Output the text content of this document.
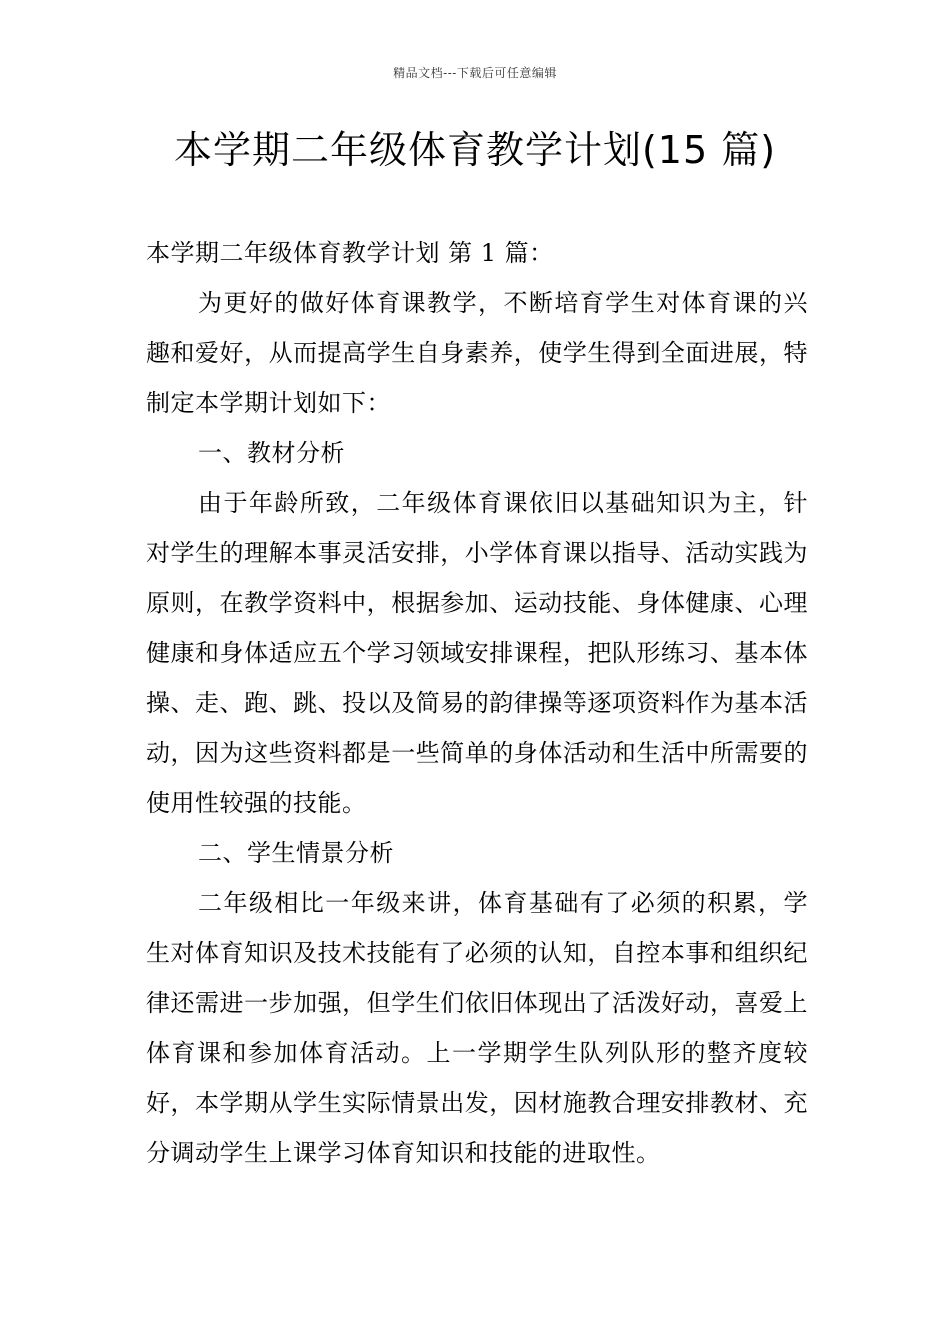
精品文档---下载后可任意编辑
本学期二年级体育教学计划(15 篇)

本学期二年级体育教学计划 第 1 篇：

为更好的做好体育课教学，不断培育学生对体育课的兴趣和爱好，从而提高学生自身素养，使学生得到全面进展，特制定本学期计划如下：

一、教材分析

由于年龄所致，二年级体育课依旧以基础知识为主，针对学生的理解本事灵活安排，小学体育课以指导、活动实践为原则，在教学资料中，根据参加、运动技能、身体健康、心理健康和身体适应五个学习领域安排课程，把队形练习、基本体操、走、跑、跳、投以及简易的韵律操等逐项资料作为基本活动，因为这些资料都是一些简单的身体活动和生活中所需要的使用性较强的技能。

二、学生情景分析

二年级相比一年级来讲，体育基础有了必须的积累，学生对体育知识及技术技能有了必须的认知，自控本事和组织纪律还需进一步加强，但学生们依旧体现出了活泼好动，喜爱上体育课和参加体育活动。上一学期学生队列队形的整齐度较好，本学期从学生实际情景出发，因材施教合理安排教材、充分调动学生上课学习体育知识和技能的进取性。
